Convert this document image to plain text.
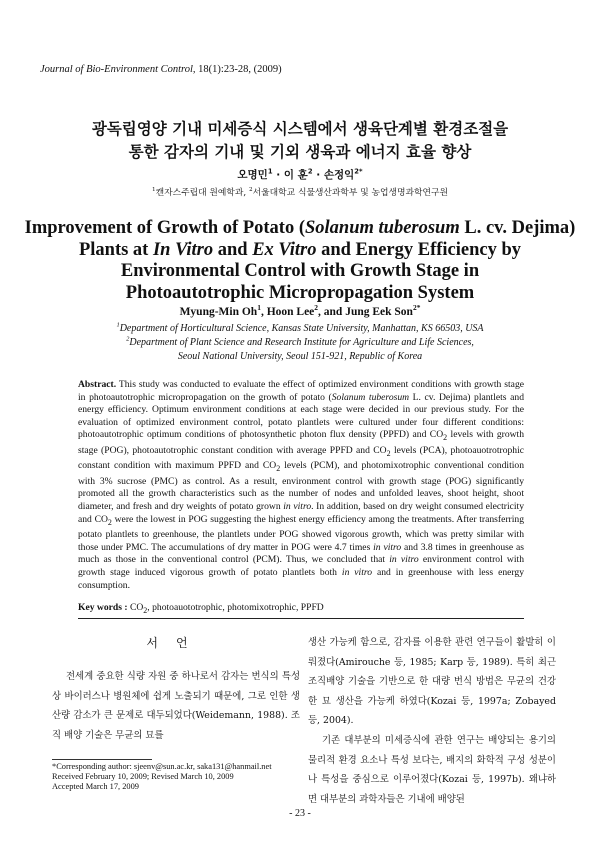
Journal of Bio-Environment Control, 18(1):23-28, (2009)
광독립영양 기내 미세증식 시스템에서 생육단계별 환경조절을
통한 감자의 기내 및 기외 생육과 에너지 효율 향상
오명민$^1$ · 이 훈$^2$ · 손정익$^{2*}$
$^1$캔자스주립대 원예학과, $^2$서울대학교 식물생산과학부 및 농업생명과학연구원
Improvement of Growth of Potato (Solanum tuberosum L. cv. Dejima)
Plants at In Vitro and Ex Vitro and Energy Efficiency by
Environmental Control with Growth Stage in
Photoautotrophic Micropropagation System
Myung-Min Oh$^1$, Hoon Lee$^2$, and Jung Eek Son$^{2*}$
$^1$Department of Horticultural Science, Kansas State University, Manhattan, KS 66503, USA
$^2$Department of Plant Science and Research Institute for Agriculture and Life Sciences,
Seoul National University, Seoul 151-921, Republic of Korea
Abstract. This study was conducted to evaluate the effect of optimized environment conditions with growth stage in photoautotrophic micropropagation on the growth of potato (Solanum tuberosum L. cv. Dejima) plantlets and energy efficiency. Optimum environment conditions at each stage were decided in our previous study. For the evaluation of optimized environment control, potato plantlets were cultured under four different conditions: photoautotrophic optimum conditions of photosynthetic photon flux density (PPFD) and $CO_2$ levels with growth stage (POG), photoautotrophic constant condition with average PPFD and $CO_2$ levels (PCA), photoauotrotrophic constant condition with maximum PPFD and $CO_2$ levels (PCM), and photomixotrophic conventional condition with 3% sucrose (PMC) as control. As a result, environment control with growth stage (POG) significantly promoted all the growth characteristics such as the number of nodes and unfolded leaves, shoot height, shoot diameter, and fresh and dry weights of potato grown in vitro. In addition, based on dry weight consumed electricity and $CO_2$ were the lowest in POG suggesting the highest energy efficiency among the treatments. After transferring potato plantlets to greenhouse, the plantlets under POG showed vigorous growth, which was pretty similar with those under PMC. The accumulations of dry matter in POG were 4.7 times in vitro and 3.8 times in greenhouse as much as those in the conventional control (PCM). Thus, we concluded that in vitro environment control with growth stage induced vigorous growth of potato plantlets both in vitro and in greenhouse with less energy consumption.
Key words : $CO_2$, photoauototrophic, photomixotrophic, PPFD
서언

전세계 중요한 식량 자원 중 하나로서 감자는 번식의 특성상 바이러스나 병원체에 쉽게 노출되기 때문에, 그로 인한 생산량 감소가 큰 문제로 대두되었다(Weidemann, 1988). 조직 배양 기술은 무균의 묘를

생산 가능케 함으로, 감자를 이용한 관련 연구들이 활발히 이뤄졌다(Amirouche 등, 1985; Karp 등, 1989). 특히 최근 조직배양 기술을 기반으로 한 대량 번식 방법은 무균의 건강한 묘 생산을 가능케 하였다(Kozai 등, 1997a; Zobayed 등, 2004).

기존 대부분의 미세증식에 관한 연구는 배양되는 용기의 물리적 환경 요소나 특성 보다는, 배지의 화학적 구성 성분이나 특성을 중심으로 이루어졌다(Kozai 등, 1997b). 왜냐하면 대부분의 과학자들은 기내에 배양된

*Corresponding author: sjeenv@sun.ac.kr, saka131@hanmail.net
Received February 10, 2009; Revised March 10, 2009
Accepted March 17, 2009
- 23 -
